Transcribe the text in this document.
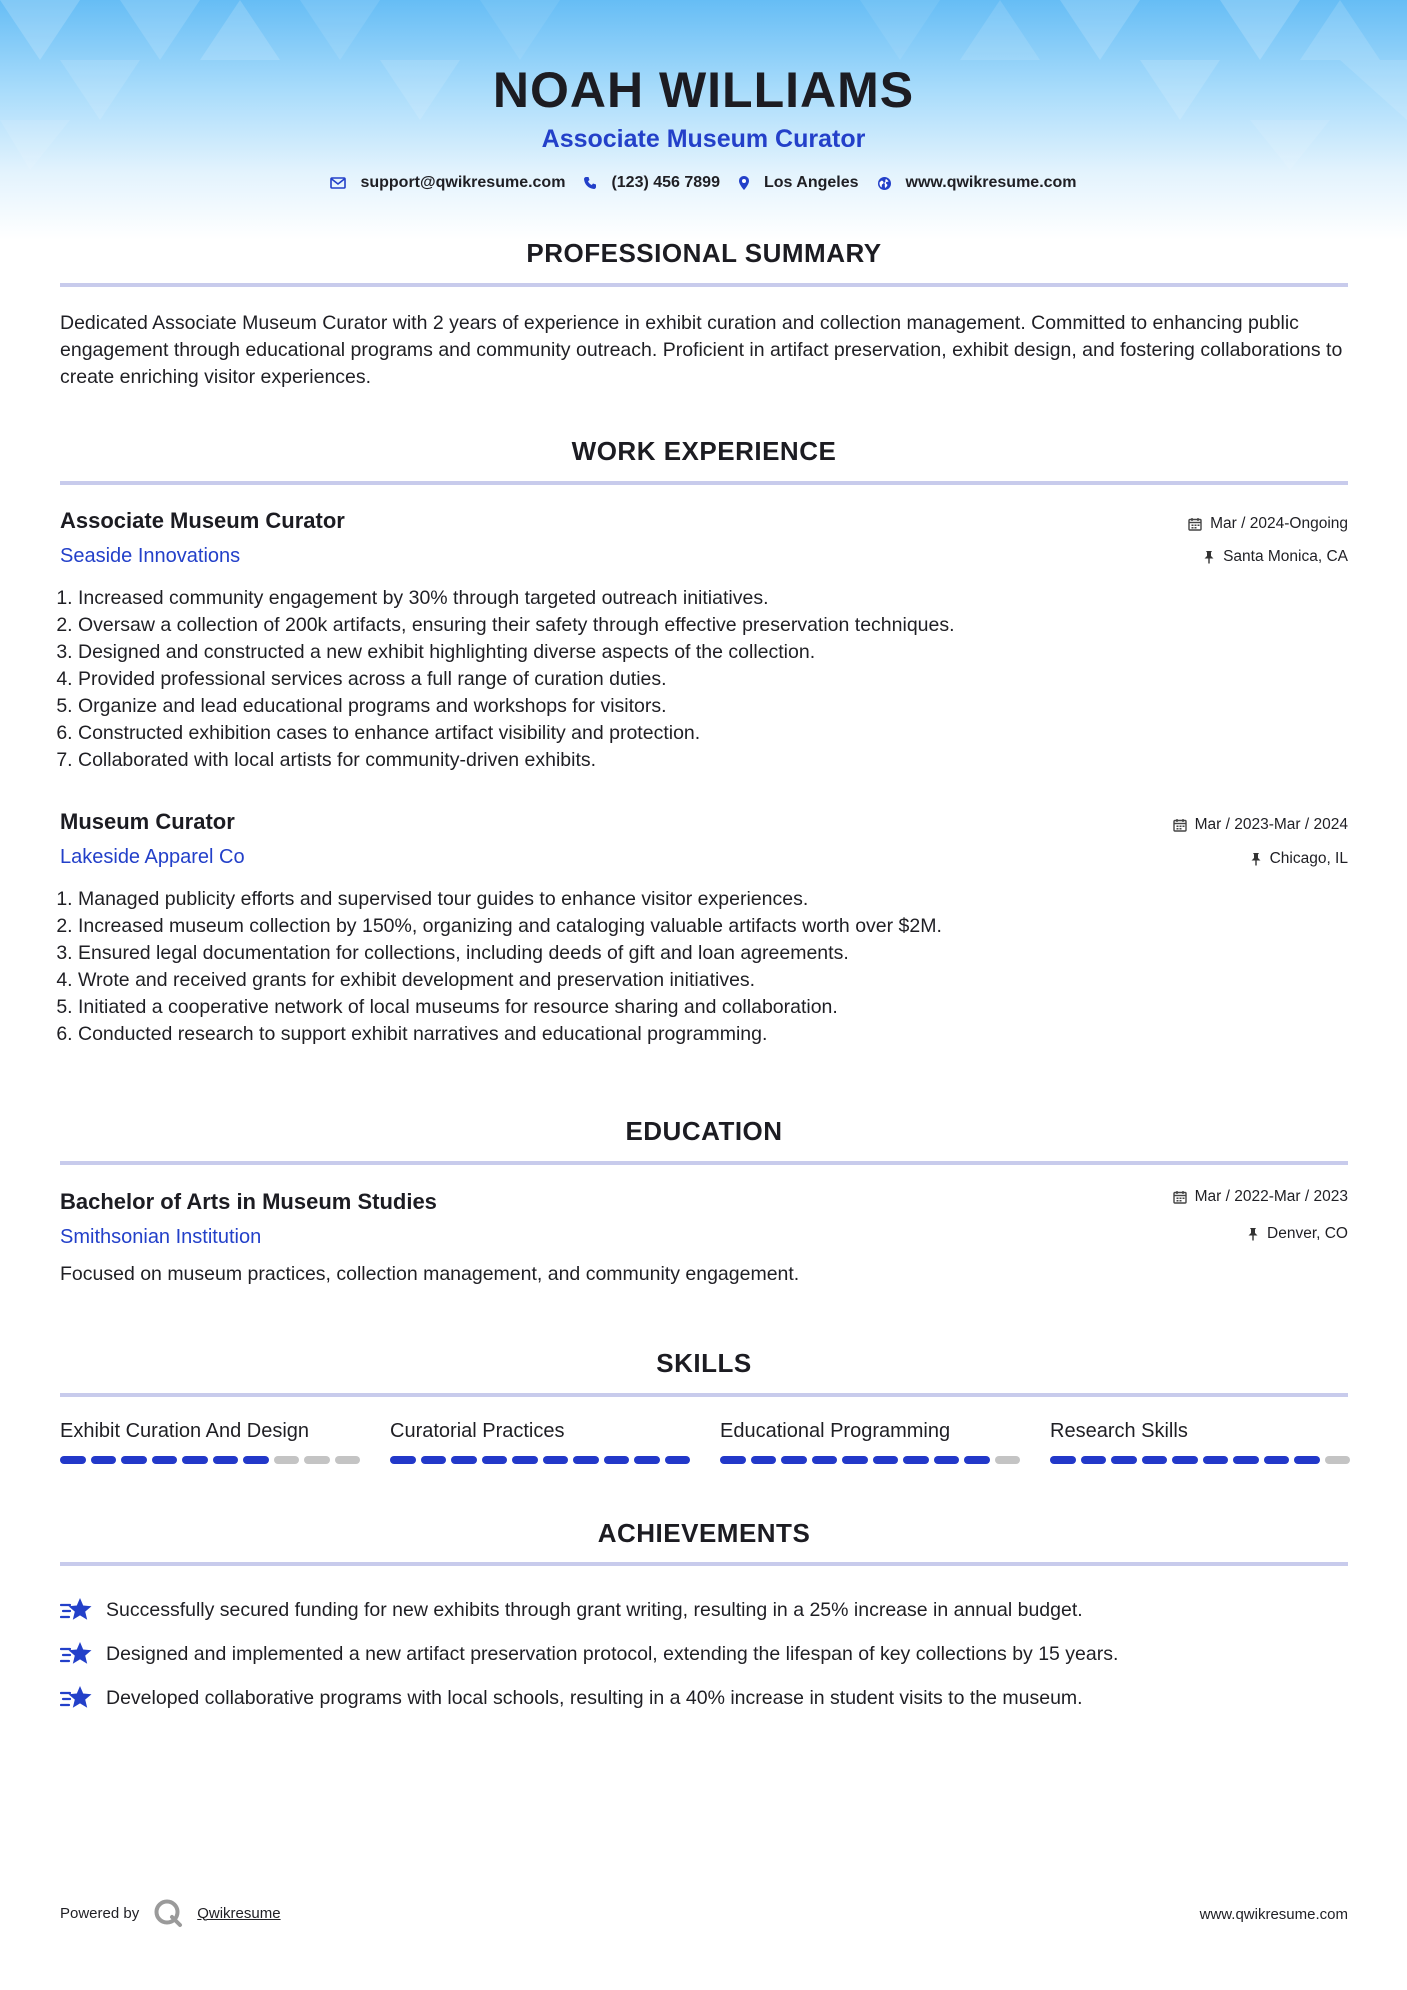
NOAH WILLIAMS
Associate Museum Curator
support@qwikresume.com	(123) 456 7899	Los Angeles	www.qwikresume.com
PROFESSIONAL SUMMARY

Dedicated Associate Museum Curator with 2 years of experience in exhibit curation and collection management. Committed to enhancing public engagement through educational programs and community outreach. Proficient in artifact preservation, exhibit design, and fostering collaborations to create enriching visitor experiences.

WORK EXPERIENCE
Associate Museum Curator
Seaside Innovations
Mar / 2024-Ongoing
Santa Monica, CA
1. Increased community engagement by 30% through targeted outreach initiatives.
2. Oversaw a collection of 200k artifacts, ensuring their safety through effective preservation techniques.
3. Designed and constructed a new exhibit highlighting diverse aspects of the collection.
4. Provided professional services across a full range of curation duties.
5. Organize and lead educational programs and workshops for visitors.
6. Constructed exhibition cases to enhance artifact visibility and protection.
7. Collaborated with local artists for community-driven exhibits.
Museum Curator
Lakeside Apparel Co
Mar / 2023-Mar / 2024
Chicago, IL
1. Managed publicity efforts and supervised tour guides to enhance visitor experiences.
2. Increased museum collection by 150%, organizing and cataloging valuable artifacts worth over $2M.
3. Ensured legal documentation for collections, including deeds of gift and loan agreements.
4. Wrote and received grants for exhibit development and preservation initiatives.
5. Initiated a cooperative network of local museums for resource sharing and collaboration.
6. Conducted research to support exhibit narratives and educational programming.
EDUCATION
Bachelor of Arts in Museum Studies
Smithsonian Institution
Mar / 2022-Mar / 2023
Denver, CO

Focused on museum practices, collection management, and community engagement.

SKILLS
Exhibit Curation And Design	Curatorial Practices	Educational Programming	Research Skills
ACHIEVEMENTS
Successfully secured funding for new exhibits through grant writing, resulting in a 25% increase in annual budget.
Designed and implemented a new artifact preservation protocol, extending the lifespan of key collections by 15 years.
Developed collaborative programs with local schools, resulting in a 40% increase in student visits to the museum.
Powered by	Qwikresume	www.qwikresume.com
